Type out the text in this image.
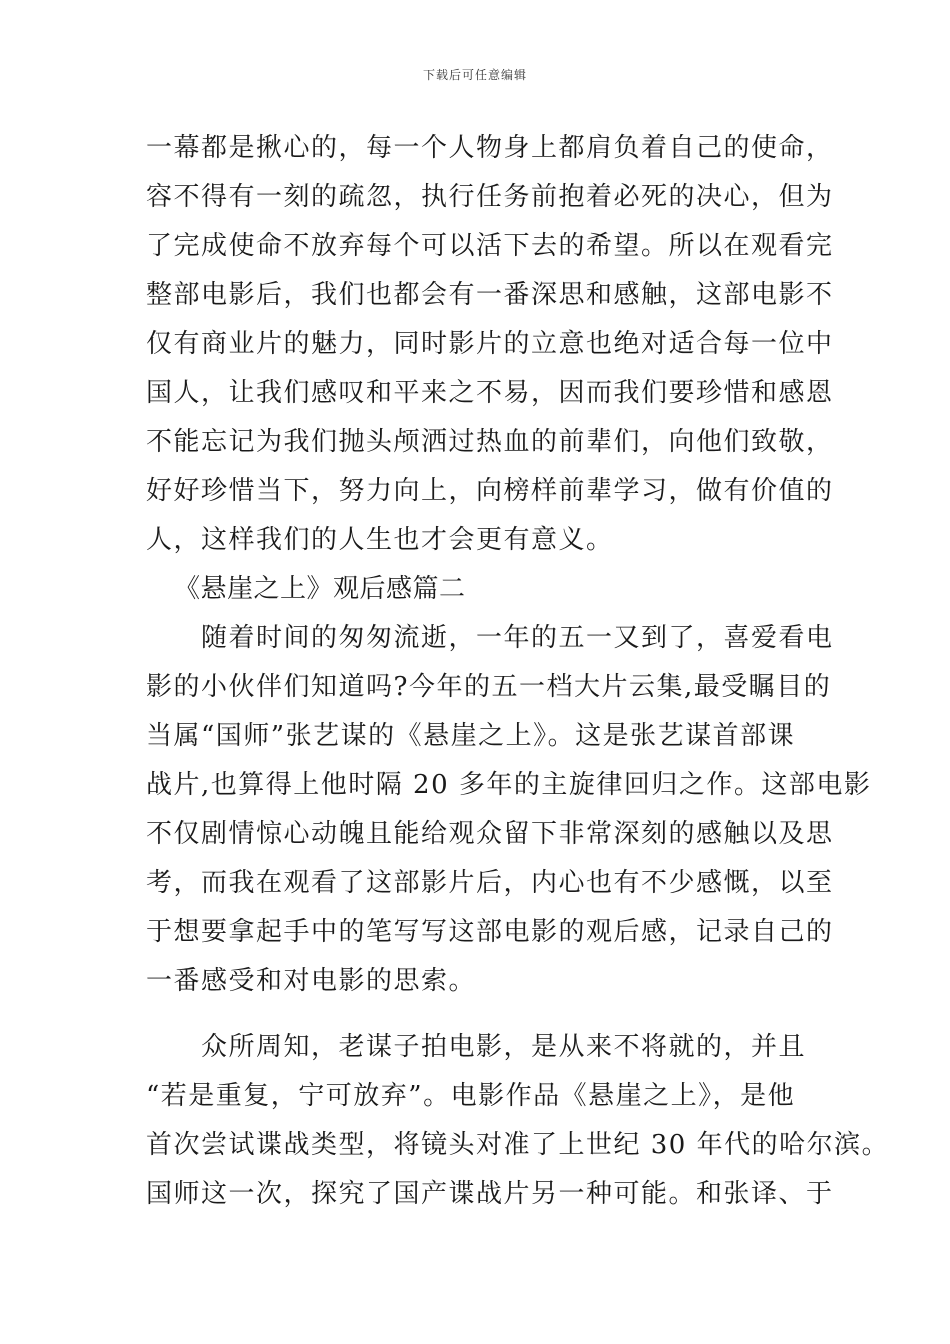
下载后可任意编辑
一幕都是揪心的，每一个人物身上都肩负着自己的使命，
容不得有一刻的疏忽，执行任务前抱着必死的决心，但为
了完成使命不放弃每个可以活下去的希望。所以在观看完
整部电影后，我们也都会有一番深思和感触，这部电影不
仅有商业片的魅力，同时影片的立意也绝对适合每一位中
国人，让我们感叹和平来之不易，因而我们要珍惜和感恩
不能忘记为我们抛头颅洒过热血的前辈们，向他们致敬，
好好珍惜当下，努力向上，向榜样前辈学习，做有价值的
人，这样我们的人生也才会更有意义。
《悬崖之上》观后感篇二
随着时间的匆匆流逝，一年的五一又到了，喜爱看电
影的小伙伴们知道吗?今年的五一档大片云集,最受瞩目的
当属“国师”张艺谋的《悬崖之上》。这是张艺谋首部课
战片,也算得上他时隔 20 多年的主旋律回归之作。这部电影
不仅剧情惊心动魄且能给观众留下非常深刻的感触以及思
考，而我在观看了这部影片后，内心也有不少感慨，以至
于想要拿起手中的笔写写这部电影的观后感，记录自己的
一番感受和对电影的思索。
众所周知，老谋子拍电影，是从来不将就的，并且
“若是重复，宁可放弃”。电影作品《悬崖之上》，是他
首次尝试谍战类型，将镜头对准了上世纪 30 年代的哈尔滨。
国师这一次，探究了国产谍战片另一种可能。和张译、于
